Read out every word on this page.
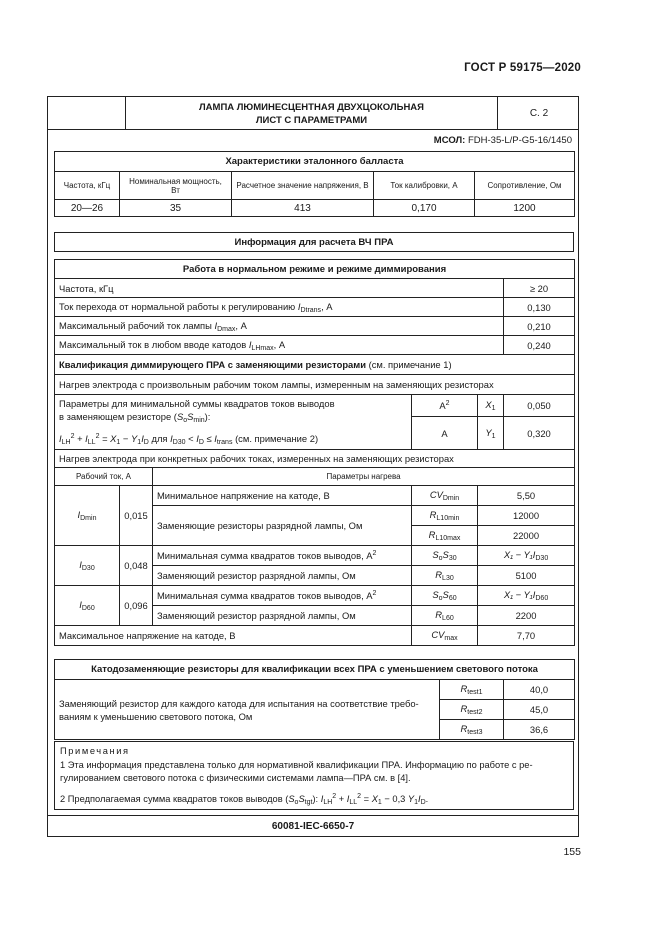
ГОСТ Р 59175—2020
ЛАМПА ЛЮМИНЕСЦЕНТНАЯ ДВУХЦОКОЛЬНАЯ
ЛИСТ С ПАРАМЕТРАМИ
С. 2
МСОЛ: FDH-35-L/P-G5-16/1450
Характеристики эталонного балласта				
Частота, кГц	Номинальная мощность, Вт	Расчетное значение напряжения, В	Ток калибровки, А	Сопротивление, Ом
20—26	35	413	0,170	1200
Информация для расчета ВЧ ПРА
Работа в нормальном режиме и режиме диммирования					
Частота, кГц					≥ 20
Ток перехода от нормальной работы к регулированию $I_{Dtrans}$, А					0,130
Максимальный рабочий ток лампы $I_{Dmax}$, А					0,210
Максимальный ток в любом вводе катодов $I_{LHmax}$, А					0,240
Квалификация диммирующего ПРА с заменяющими резисторами (см. примечание 1)					
Нагрев электрода с произвольным рабочим током лампы, измеренным на заменяющих резисторах					

Параметры для минимальной суммы квадратов токов выводов
в заменяющем резисторе $(S_oS_{min})$:
$I_{LH}^2 + I_{LL}^2 = X_1 - Y_1I_D$ для $I_{D30} < I_D \le I_{trans}$ (см. примечание 2)			$A^2$	$X_1$	0,050
			A	$Y_1$	0,320
Нагрев электрода при конкретных рабочих токах, измеренных на заменяющих резисторах					
Рабочий ток, А		Параметры нагрева			
$I_{Dmin}$	0,015	Минимальное напряжение на катоде, В	$CV_{Dmin}$	5,50	
		Заменяющие резисторы разрядной лампы, Ом	$R_{L10min}$	12000	
			$R_{L10max}$	22000	
$I_{D30}$	0,048	Минимальная сумма квадратов токов выводов, $А^2$	$S_oS_{30}$	$X_1 - Y_1I_{D30}$
		Заменяющий резистор разрядной лампы, Ом	$R_{L30}$	5100	
$I_{D60}$	0,096	Минимальная сумма квадратов токов выводов, $А^2$	$S_oS_{60}$	$X_1 - Y_1I_{D60}$
		Заменяющий резистор разрядной лампы, Ом	$R_{L60}$	2200	
Максимальное напряжение на катоде, В			$CV_{max}$	7,70	
Катодозаменяющие резисторы для квалификации всех ПРА с уменьшением светового потока		

Заменяющий резистор для каждого катода для испытания на соответствие требо-
ваниям к уменьшению светового потока, Ом	$R_{test1}$	40,0
	$R_{test2}$	45,0
	$R_{test3}$	36,6
Примечания
1 Эта информация представлена только для нормативной квалификации ПРА. Информацию по работе с ре-
гулированием светового потока с физическими системами лампа—ПРА см. в [4].
2 Предполагаемая сумма квадратов токов выводов $(S_oS_{tgt})$: $I_{LH}^2 + I_{LL}^2 = X_1 - 0,3$ $Y_1I_D$.
60081-IEC-6650-7
155
